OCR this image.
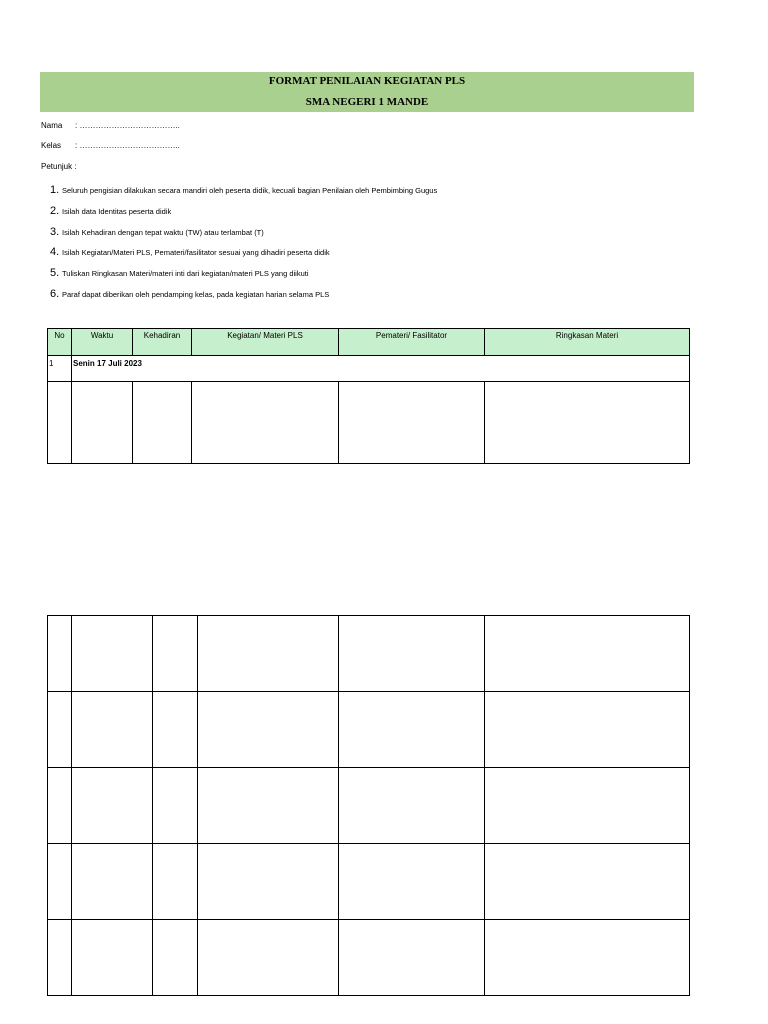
FORMAT PENILAIAN KEGIATAN PLS
SMA NEGERI 1 MANDE
Nama : ………………………………..
Kelas : ………………………………..
Petunjuk :
1. Seluruh pengisian dilakukan secara mandiri oleh peserta didik, kecuali bagian Penilaian oleh Pembimbing Gugus
2. Isilah data Identitas peserta didik
3. Isilah Kehadiran dengan tepat waktu (TW) atau terlambat (T)
4. Isilah Kegiatan/Materi PLS, Pemateri/fasilitator sesuai yang dihadiri peserta didik
5. Tuliskan Ringkasan Materi/materi inti dari kegiatan/materi PLS yang diikuti
6. Paraf dapat diberikan oleh pendamping kelas, pada kegiatan harian selama PLS
No	Waktu	Kehadiran	Kegiatan/ Materi PLS	Pemateri/ Fasilitator	Ringkasan Materi
1	Senin 17 Juli 2023				
